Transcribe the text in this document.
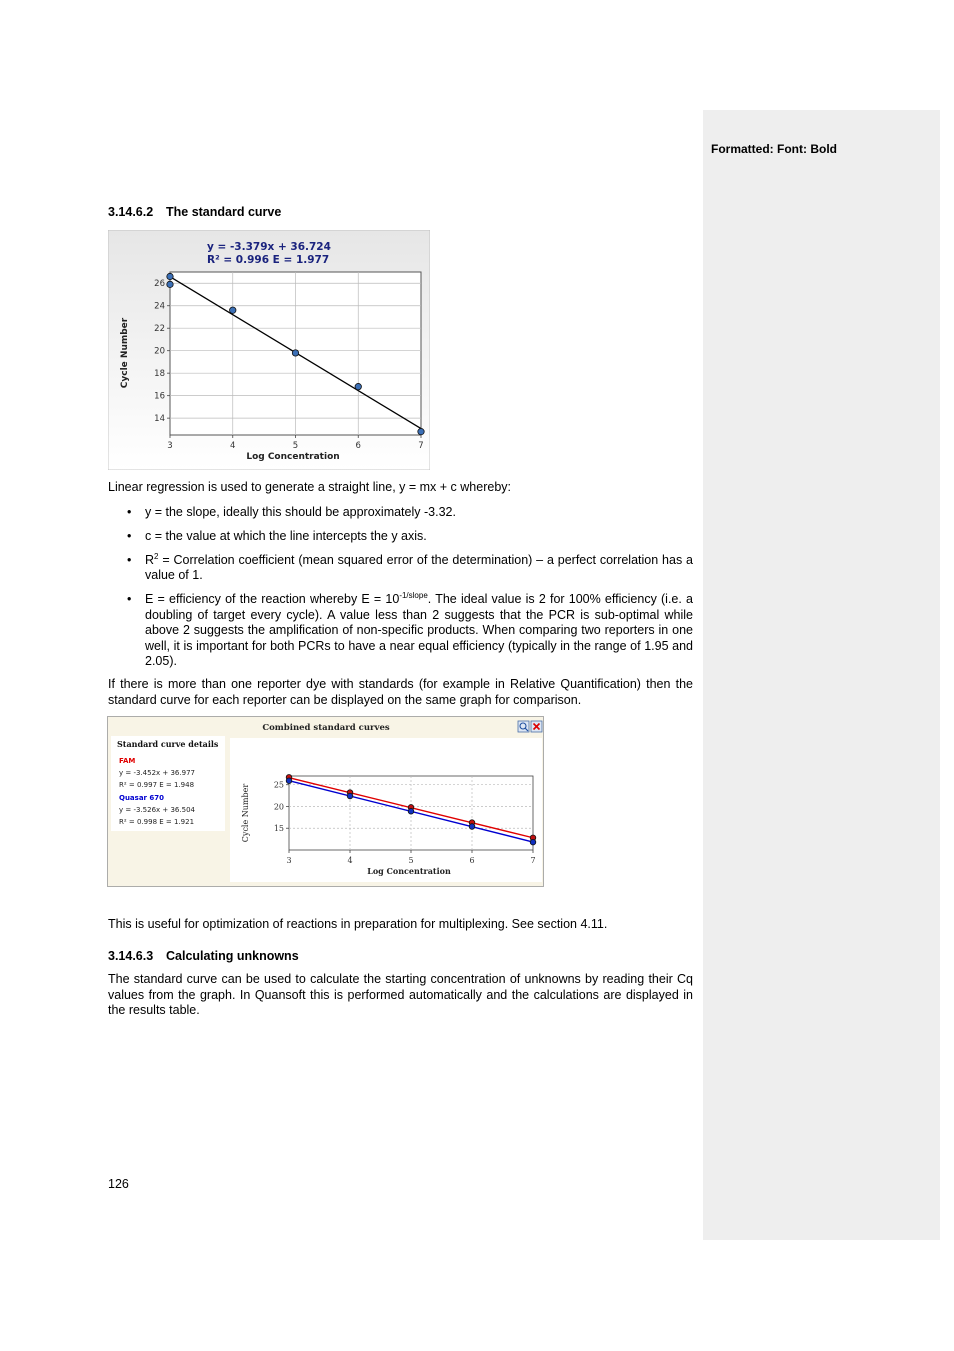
Formatted: Font: Bold
3.14.6.2 The standard curve
y = -3.379x + 36.724
R² = 0.996 E = 1.977
14
16
18
20
22
24
26
3	4	5	6	7
Cycle Number
Log Concentration

Linear regression is used to generate a straight line, y = mx + c whereby:

• y = the slope, ideally this should be approximately -3.32.
• c = the value at which the line intercepts the y axis.
• $R^2$ = Correlation coefficient (mean squared error of the determination) – a perfect correlation has a value of 1.
• E = efficiency of the reaction whereby $E = 10^{-1/slope}$. The ideal value is 2 for 100% efficiency (i.e. a doubling of target every cycle). A value less than 2 suggests that the PCR is sub-optimal while above 2 suggests the amplification of non-specific products. When comparing two reporters in one well, it is important for both PCRs to have a near equal efficiency (typically in the range of 1.95 and 2.05).

If there is more than one reporter dye with standards (for example in Relative Quantification) then the standard curve for each reporter can be displayed on the same graph for comparison.

Combined standard curves
Standard curve details
FAM
y = -3.452x + 36.977
R² = 0.997 E = 1.948
Quasar 670
y = -3.526x + 36.504
R² = 0.998 E = 1.921
15
20
25
3	4	5	6	7
Cycle Number
Log Concentration

This is useful for optimization of reactions in preparation for multiplexing. See section 4.11.

3.14.6.3 Calculating unknowns

The standard curve can be used to calculate the starting concentration of unknowns by reading their Cq values from the graph. In Quansoft this is performed automatically and the calculations are displayed in the results table.

126
